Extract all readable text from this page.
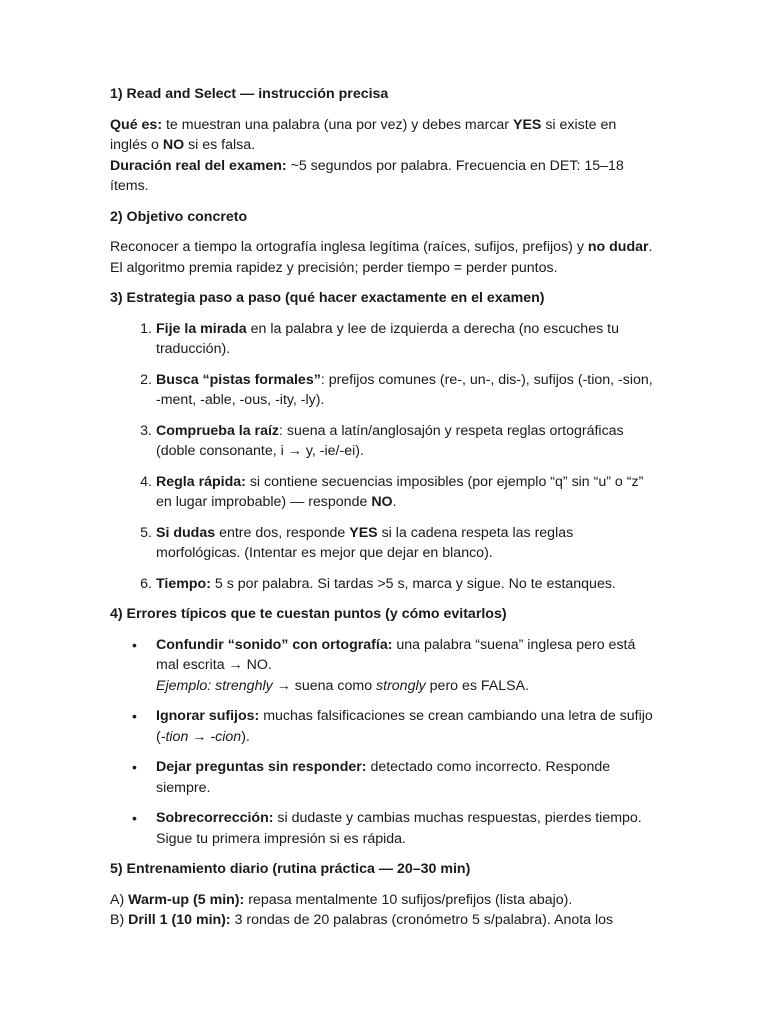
1) Read and Select — instrucción precisa

Qué es: te muestran una palabra (una por vez) y debes marcar YES si existe en inglés o NO si es falsa.
Duración real del examen: ~5 segundos por palabra. Frecuencia en DET: 15–18 ítems.

2) Objetivo concreto

Reconocer a tiempo la ortografía inglesa legítima (raíces, sufijos, prefijos) y no dudar. El algoritmo premia rapidez y precisión; perder tiempo = perder puntos.

3) Estrategia paso a paso (qué hacer exactamente en el examen)
1. Fije la mirada en la palabra y lee de izquierda a derecha (no escuches tu traducción).
2. Busca “pistas formales”: prefijos comunes (re-, un-, dis-), sufijos (-tion, -sion, -ment, -able, -ous, -ity, -ly).
3. Comprueba la raíz: suena a latín/anglosajón y respeta reglas ortográficas (doble consonante, i → y, -ie/-ei).
4. Regla rápida: si contiene secuencias imposibles (por ejemplo “q” sin “u” o “z” en lugar improbable) — responde NO.
5. Si dudas entre dos, responde YES si la cadena respeta las reglas morfológicas. (Intentar es mejor que dejar en blanco).
6. Tiempo: 5 s por palabra. Si tardas >5 s, marca y sigue. No te estanques.
4) Errores típicos que te cuestan puntos (y cómo evitarlos)
• Confundir “sonido” con ortografía: una palabra “suena” inglesa pero está mal escrita → NO.
Ejemplo: strenghly → suena como strongly pero es FALSA.
• Ignorar sufijos: muchas falsificaciones se crean cambiando una letra de sufijo (-tion → -cion).
• Dejar preguntas sin responder: detectado como incorrecto. Responde siempre.
• Sobrecorrección: si dudaste y cambias muchas respuestas, pierdes tiempo. Sigue tu primera impresión si es rápida.
5) Entrenamiento diario (rutina práctica — 20–30 min)

A) Warm-up (5 min): repasa mentalmente 10 sufijos/prefijos (lista abajo).
B) Drill 1 (10 min): 3 rondas de 20 palabras (cronómetro 5 s/palabra). Anota los
